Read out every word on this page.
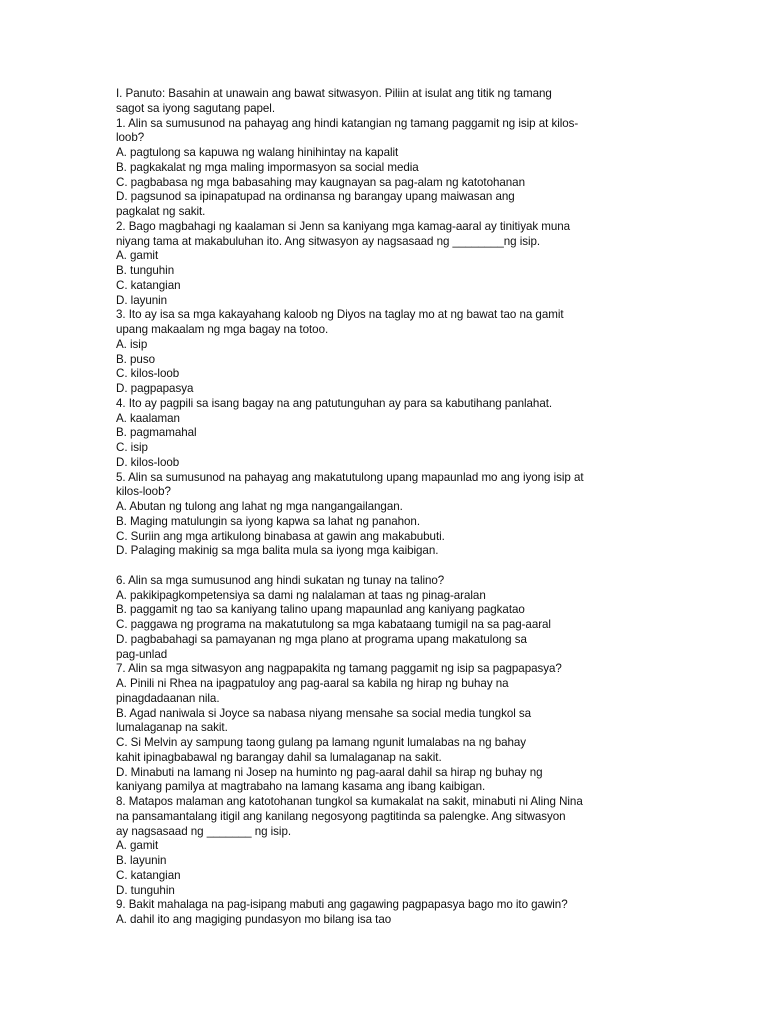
I. Panuto: Basahin at unawain ang bawat sitwasyon. Piliin at isulat ang titik ng tamang
sagot sa iyong sagutang papel.
1. Alin sa sumusunod na pahayag ang hindi katangian ng tamang paggamit ng isip at kilos-
loob?
A. pagtulong sa kapuwa ng walang hinihintay na kapalit
B. pagkakalat ng mga maling impormasyon sa social media
C. pagbabasa ng mga babasahing may kaugnayan sa pag-alam ng katotohanan
D. pagsunod sa ipinapatupad na ordinansa ng barangay upang maiwasan ang
pagkalat ng sakit.
2. Bago magbahagi ng kaalaman si Jenn sa kaniyang mga kamag-aaral ay tinitiyak muna
niyang tama at makabuluhan ito. Ang sitwasyon ay nagsasaad ng ________ng isip.
A. gamit
B. tunguhin
C. katangian
D. layunin
3. Ito ay isa sa mga kakayahang kaloob ng Diyos na taglay mo at ng bawat tao na gamit
upang makaalam ng mga bagay na totoo.
A. isip
B. puso
C. kilos-loob
D. pagpapasya
4. Ito ay pagpili sa isang bagay na ang patutunguhan ay para sa kabutihang panlahat.
A. kaalaman
B. pagmamahal
C. isip
D. kilos-loob
5. Alin sa sumusunod na pahayag ang makatutulong upang mapaunlad mo ang iyong isip at
kilos-loob?
A. Abutan ng tulong ang lahat ng mga nangangailangan.
B. Maging matulungin sa iyong kapwa sa lahat ng panahon.
C. Suriin ang mga artikulong binabasa at gawin ang makabubuti.
D. Palaging makinig sa mga balita mula sa iyong mga kaibigan.
6. Alin sa mga sumusunod ang hindi sukatan ng tunay na talino?
A. pakikipagkompetensiya sa dami ng nalalaman at taas ng pinag-aralan
B. paggamit ng tao sa kaniyang talino upang mapaunlad ang kaniyang pagkatao
C. paggawa ng programa na makatutulong sa mga kabataang tumigil na sa pag-aaral
D. pagbabahagi sa pamayanan ng mga plano at programa upang makatulong sa
pag-unlad
7. Alin sa mga sitwasyon ang nagpapakita ng tamang paggamit ng isip sa pagpapasya?
A. Pinili ni Rhea na ipagpatuloy ang pag-aaral sa kabila ng hirap ng buhay na
pinagdadaanan nila.
B. Agad naniwala si Joyce sa nabasa niyang mensahe sa social media tungkol sa
lumalaganap na sakit.
C. Si Melvin ay sampung taong gulang pa lamang ngunit lumalabas na ng bahay
kahit ipinagbabawal ng barangay dahil sa lumalaganap na sakit.
D. Minabuti na lamang ni Josep na huminto ng pag-aaral dahil sa hirap ng buhay ng
kaniyang pamilya at magtrabaho na lamang kasama ang ibang kaibigan.
8. Matapos malaman ang katotohanan tungkol sa kumakalat na sakit, minabuti ni Aling Nina
na pansamantalang itigil ang kanilang negosyong pagtitinda sa palengke. Ang sitwasyon
ay nagsasaad ng _______ ng isip.
A. gamit
B. layunin
C. katangian
D. tunguhin
9. Bakit mahalaga na pag-isipang mabuti ang gagawing pagpapasya bago mo ito gawin?
A. dahil ito ang magiging pundasyon mo bilang isa tao
